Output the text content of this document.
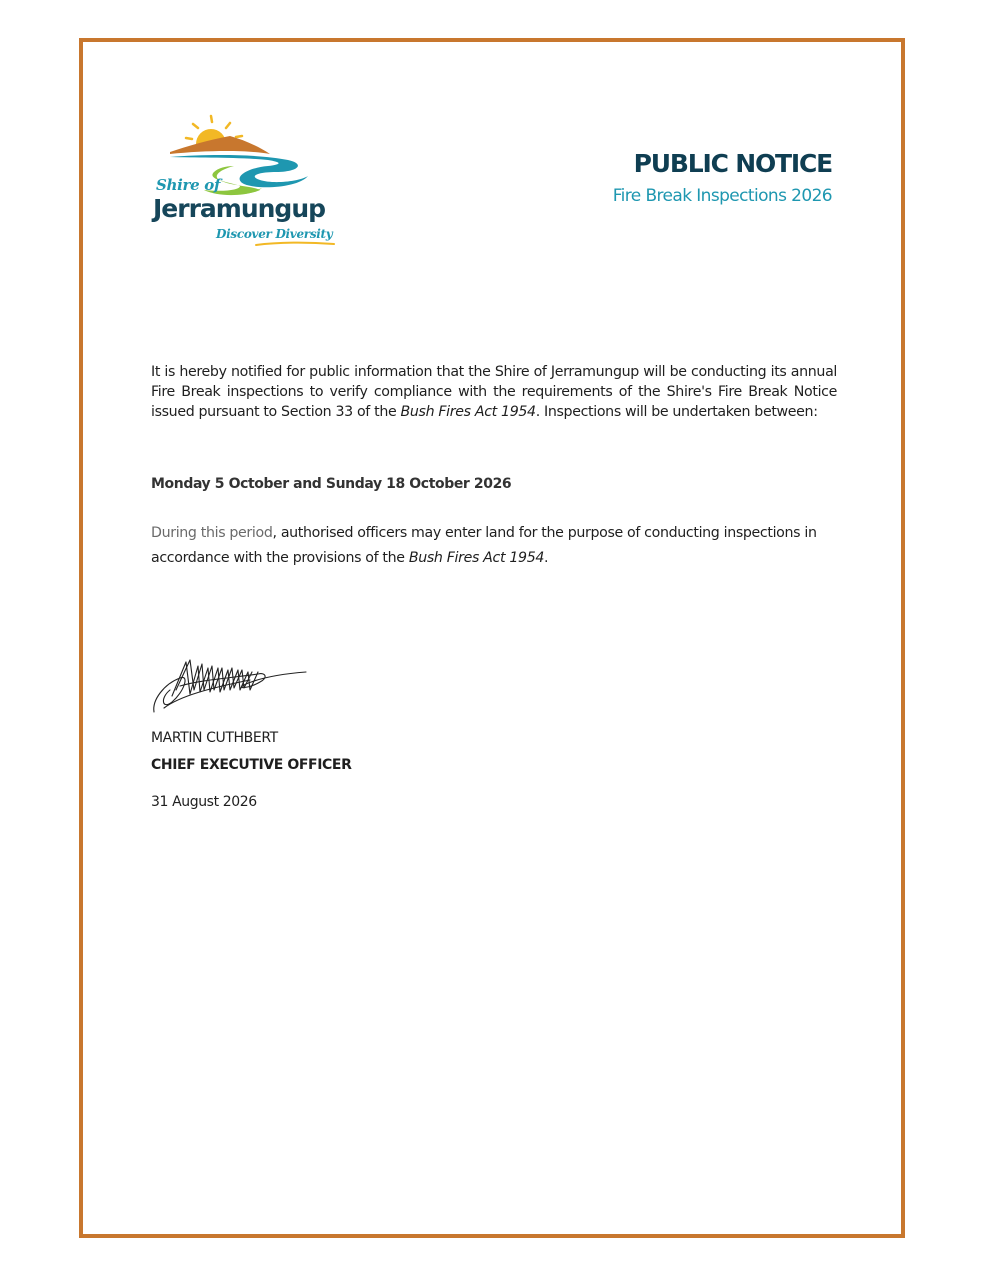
Shire of
Jerramungup
Discover Diversity
PUBLIC NOTICE
Fire Break Inspections 2026
It is hereby notified for public information that the Shire of Jerramungup will be conducting its annual Fire Break inspections to verify compliance with the requirements of the Shire's Fire Break Notice issued pursuant to Section 33 of the Bush Fires Act 1954. Inspections will be undertaken between:
Monday 5 October and Sunday 18 October 2026
During this period, authorised officers may enter land for the purpose of conducting inspections in accordance with the provisions of the Bush Fires Act 1954.
MARTIN CUTHBERT
CHIEF EXECUTIVE OFFICER
31 August 2026
